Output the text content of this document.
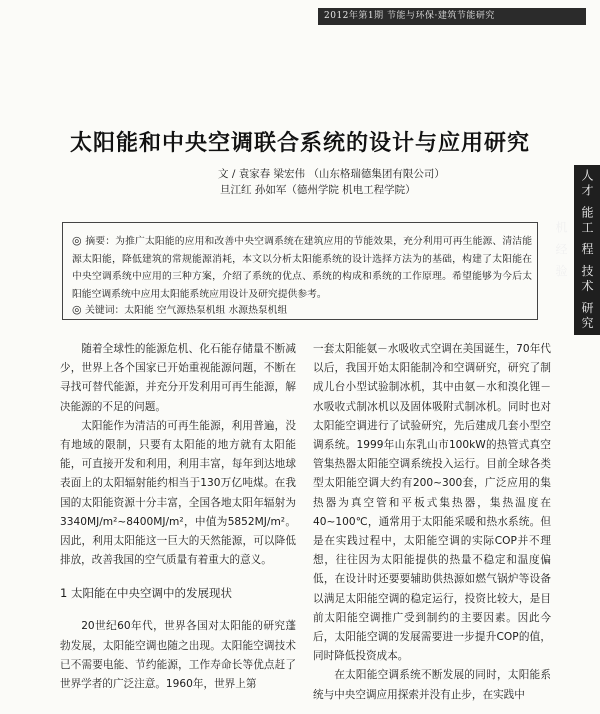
2012年第1期 节能与环保·建筑节能研究
人才 能工 程 技术 研究 机 经 验
太阳能和中央空调联合系统的设计与应用研究
文 / 袁家春 梁宏伟 （山东格瑞德集团有限公司）
旦江红 孙如军（德州学院 机电工程学院）
◎ 摘要：为推广太阳能的应用和改善中央空调系统在建筑应用的节能效果，充分利用可再生能源、清洁能源太阳能，降低建筑的常规能源消耗，本文以分析太阳能系统的设计选择方法为的基础，构建了太阳能在中央空调系统中应用的三种方案，介绍了系统的优点、系统的构成和系统的工作原理。希望能够为今后太阳能空调系统中应用太阳能系统应用设计及研究提供参考。
◎ 关键词：太阳能 空气源热泵机组 水源热泵机组

随着全球性的能源危机、化石能存储量不断减少，世界上各个国家已开始重视能源问题，不断在寻找可替代能源，并充分开发利用可再生能源，解决能源的不足的问题。

太阳能作为清洁的可再生能源，利用普遍，没有地域的限制，只要有太阳能的地方就有太阳能能，可直接开发和利用，利用丰富，每年到达地球表面上的太阳辐射能约相当于130万亿吨煤。在我国的太阳能资源十分丰富，全国各地太阳年辐射为3340MJ/m²~8400MJ/m²，中值为5852MJ/m²。因此，利用太阳能这一巨大的天然能源，可以降低排放，改善我国的空气质量有着重大的意义。

1 太阳能在中央空调中的发展现状

20世纪60年代，世界各国对太阳能的研究蓬勃发展，太阳能空调也随之出现。太阳能空调技术已不需要电能、节约能源，工作寿命长等优点赶了世界学者的广泛注意。1960年，世界上第

一套太阳能氨－水吸收式空调在美国诞生，70年代以后，我国开始太阳能制冷和空调研究，研究了制成儿台小型试验制冰机，其中由氨－水和溴化锂－水吸收式制冰机以及固体吸附式制冰机。同时也对太阳能空调进行了试验研究，先后建成几套小型空调系统。1999年山东乳山市100kW的热管式真空管集热器太阳能空调系统投入运行。目前全球各类型太阳能空调大约有200~300套，广泛应用的集热器为真空管和平板式集热器，集热温度在40~100℃，通常用于太阳能采暖和热水系统。但是在实践过程中，太阳能空调的实际COP并不理想，往往因为太阳能提供的热量不稳定和温度偏低，在设计时还要要辅助供热源如燃气锅炉等设备以满足太阳能空调的稳定运行，投资比较大，是目前太阳能空调推广受到制约的主要因素。因此今后，太阳能空调的发展需要进一步提升COP的值，同时降低投资成本。

在太阳能空调系统不断发展的同时，太阳能系统与中央空调应用探索并没有止步，在实践中
